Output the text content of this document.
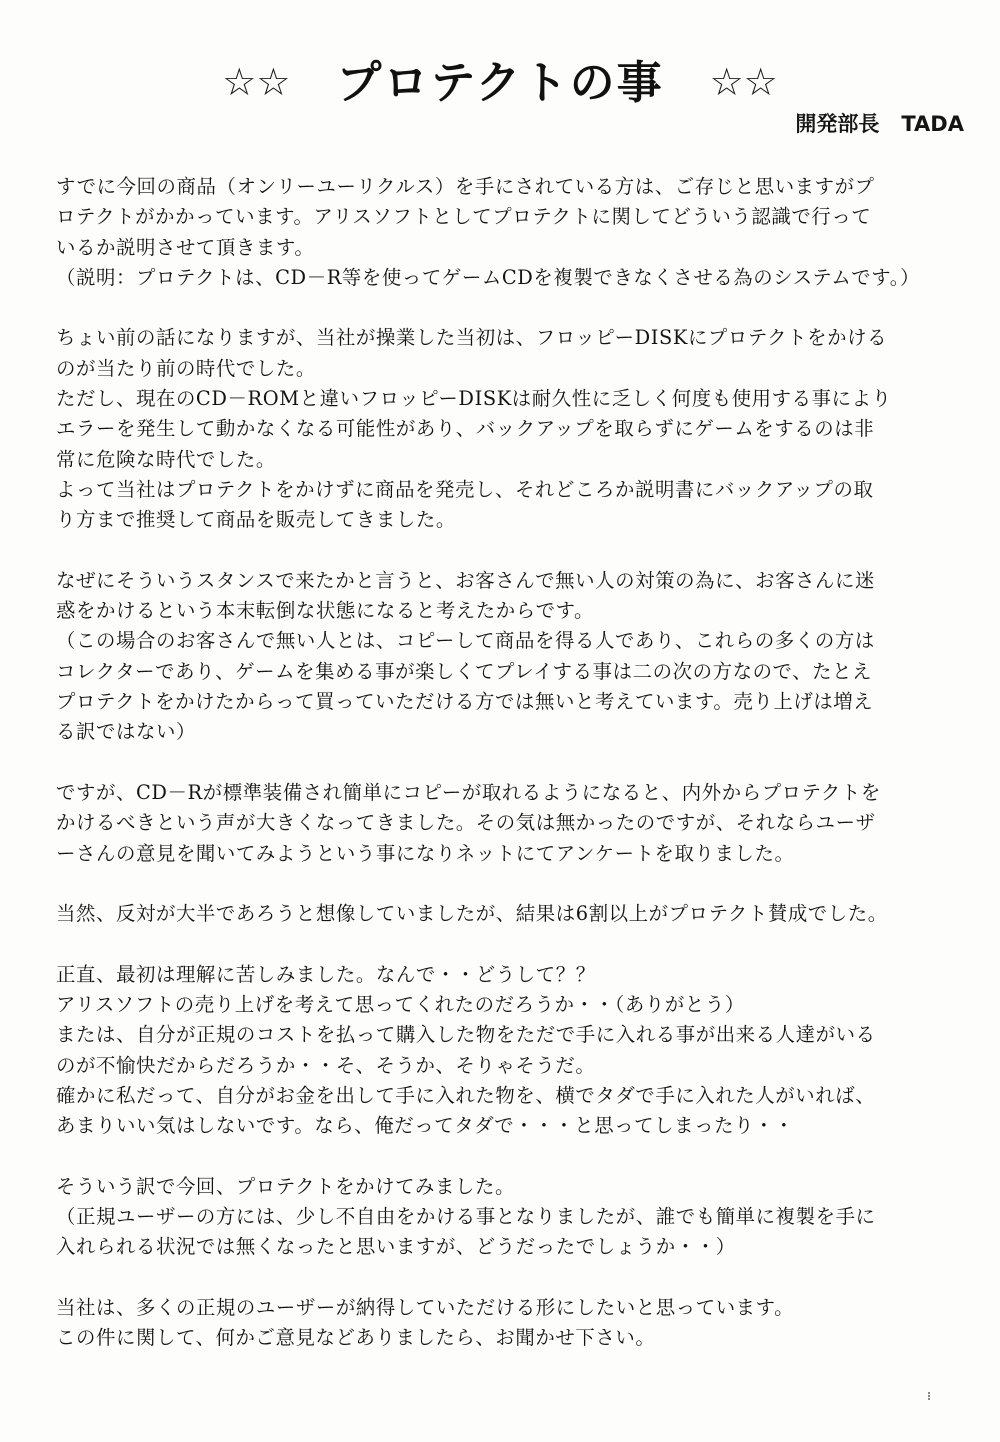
☆☆ プロテクトの事 ☆☆
開発部長 TADA
すでに今回の商品（オンリーユーリクルス）を手にされている方は、ご存じと思いますがプ
ロテクトがかかっています。アリスソフトとしてプロテクトに関してどういう認識で行って
いるか説明させて頂きます。
（説明：プロテクトは、CD－R等を使ってゲームCDを複製できなくさせる為のシステムです。）
ちょい前の話になりますが、当社が操業した当初は、フロッピーDISKにプロテクトをかける
のが当たり前の時代でした。
ただし、現在のCD－ROMと違いフロッピーDISKは耐久性に乏しく何度も使用する事により
エラーを発生して動かなくなる可能性があり、バックアップを取らずにゲームをするのは非
常に危険な時代でした。
よって当社はプロテクトをかけずに商品を発売し、それどころか説明書にバックアップの取
り方まで推奨して商品を販売してきました。
なぜにそういうスタンスで来たかと言うと、お客さんで無い人の対策の為に、お客さんに迷
惑をかけるという本末転倒な状態になると考えたからです。
（この場合のお客さんで無い人とは、コピーして商品を得る人であり、これらの多くの方は
コレクターであり、ゲームを集める事が楽しくてプレイする事は二の次の方なので、たとえ
プロテクトをかけたからって買っていただける方では無いと考えています。売り上げは増え
る訳ではない）
ですが、CD－Rが標準装備され簡単にコピーが取れるようになると、内外からプロテクトを
かけるべきという声が大きくなってきました。その気は無かったのですが、それならユーザ
ーさんの意見を聞いてみようという事になりネットにてアンケートを取りました。
当然、反対が大半であろうと想像していましたが、結果は6割以上がプロテクト賛成でした。
正直、最初は理解に苦しみました。なんで・・どうして？？
アリスソフトの売り上げを考えて思ってくれたのだろうか・・（ありがとう）
または、自分が正規のコストを払って購入した物をただで手に入れる事が出来る人達がいる
のが不愉快だからだろうか・・そ、そうか、そりゃそうだ。
確かに私だって、自分がお金を出して手に入れた物を、横でタダで手に入れた人がいれば、
あまりいい気はしないです。なら、俺だってタダで・・・と思ってしまったり・・
そういう訳で今回、プロテクトをかけてみました。
（正規ユーザーの方には、少し不自由をかける事となりましたが、誰でも簡単に複製を手に
入れられる状況では無くなったと思いますが、どうだったでしょうか・・）
当社は、多くの正規のユーザーが納得していただける形にしたいと思っています。
この件に関して、何かご意見などありましたら、お聞かせ下さい。
